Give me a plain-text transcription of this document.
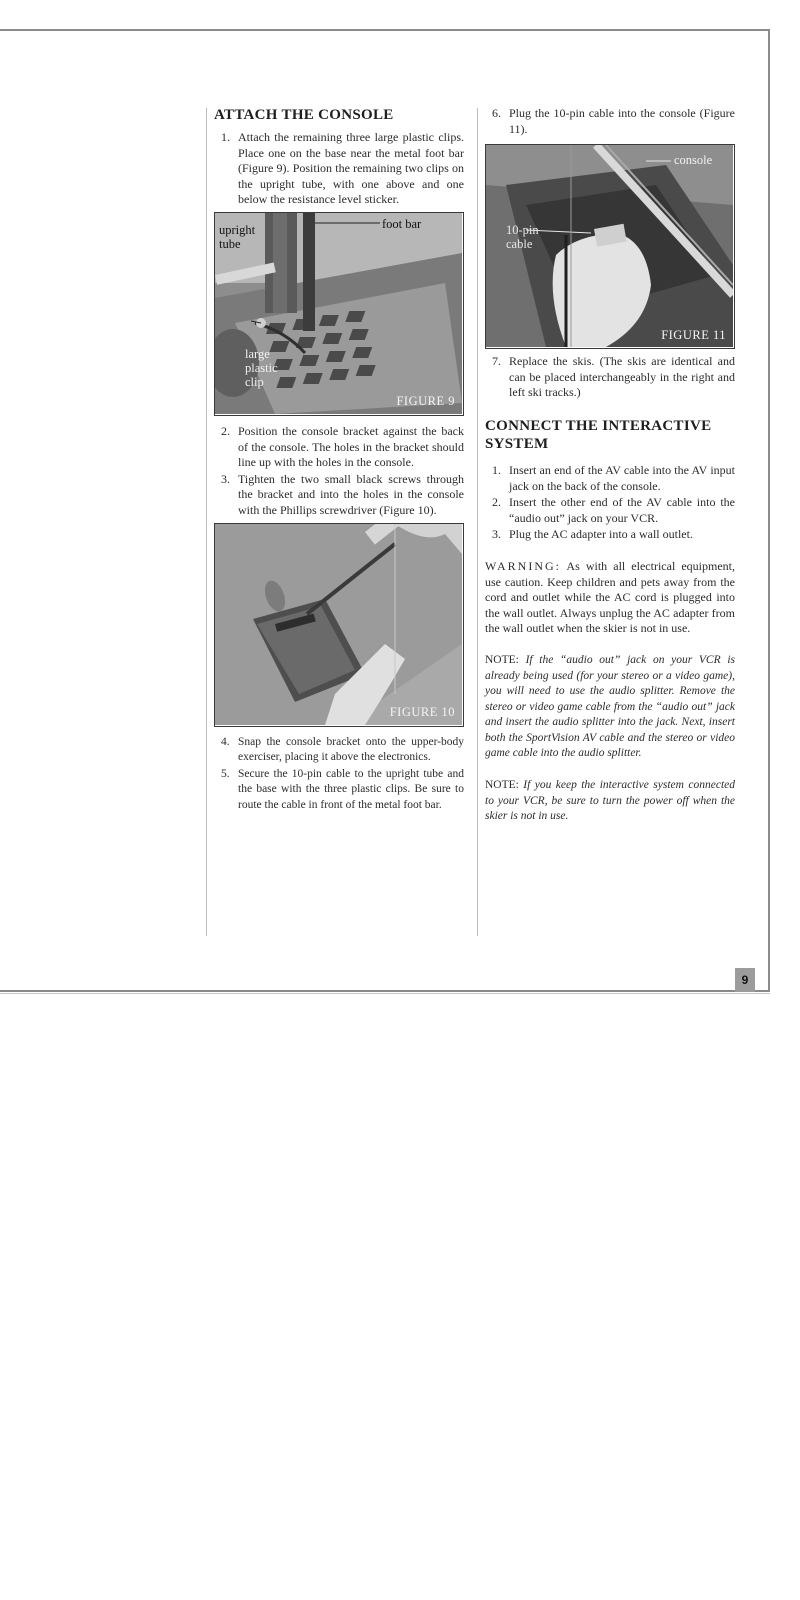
ATTACH THE CONSOLE
1. Attach the remaining three large plastic clips. Place one on the base near the metal foot bar (Figure 9). Position the remaining two clips on the upright tube, with one above and one below the resistance level sticker.
upright tube
foot bar
large plastic clip
FIGURE 9
2. Position the console bracket against the back of the console. The holes in the bracket should line up with the holes in the console.
3. Tighten the two small black screws through the bracket and into the holes in the console with the Phillips screwdriver (Figure 10).
FIGURE 10
4. Snap the console bracket onto the upper-body exerciser, placing it above the electronics.
5. Secure the 10-pin cable to the upright tube and the base with the three plastic clips. Be sure to route the cable in front of the metal foot bar.
6. Plug the 10-pin cable into the console (Figure 11).
console
10-pin cable
FIGURE 11
7. Replace the skis. (The skis are identical and can be placed interchangeably in the right and left ski tracks.)
CONNECT THE INTERACTIVE SYSTEM
1. Insert an end of the AV cable into the AV input jack on the back of the console.
2. Insert the other end of the AV cable into the “audio out” jack on your VCR.
3. Plug the AC adapter into a wall outlet.

WARNING: As with all electrical equipment, use caution. Keep children and pets away from the cord and outlet while the AC cord is plugged into the wall outlet. Always unplug the AC adapter from the wall outlet when the skier is not in use.

NOTE: If the “audio out” jack on your VCR is already being used (for your stereo or a video game), you will need to use the audio splitter. Remove the stereo or video game cable from the “audio out” jack and insert the audio splitter into the jack. Next, insert both the SportVision AV cable and the stereo or video game cable into the audio splitter.

NOTE: If you keep the interactive system connected to your VCR, be sure to turn the power off when the skier is not in use.

9
